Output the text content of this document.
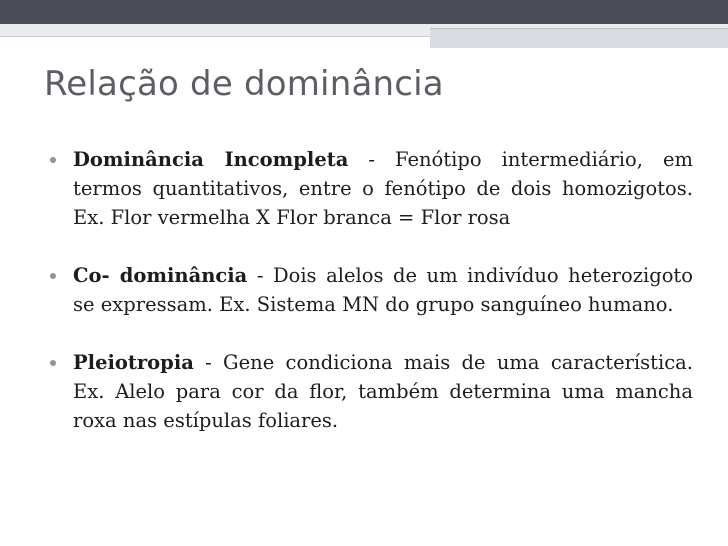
Relação de dominância
Dominância Incompleta - Fenótipo intermediário, em termos quantitativos, entre o fenótipo de dois homozigotos. Ex. Flor vermelha X Flor branca = Flor rosa
Co- dominância - Dois alelos de um indivíduo heterozigoto se expressam. Ex. Sistema MN do grupo sanguíneo humano.
Pleiotropia - Gene condiciona mais de uma característica. Ex. Alelo para cor da flor, também determina uma mancha roxa nas estípulas foliares.
